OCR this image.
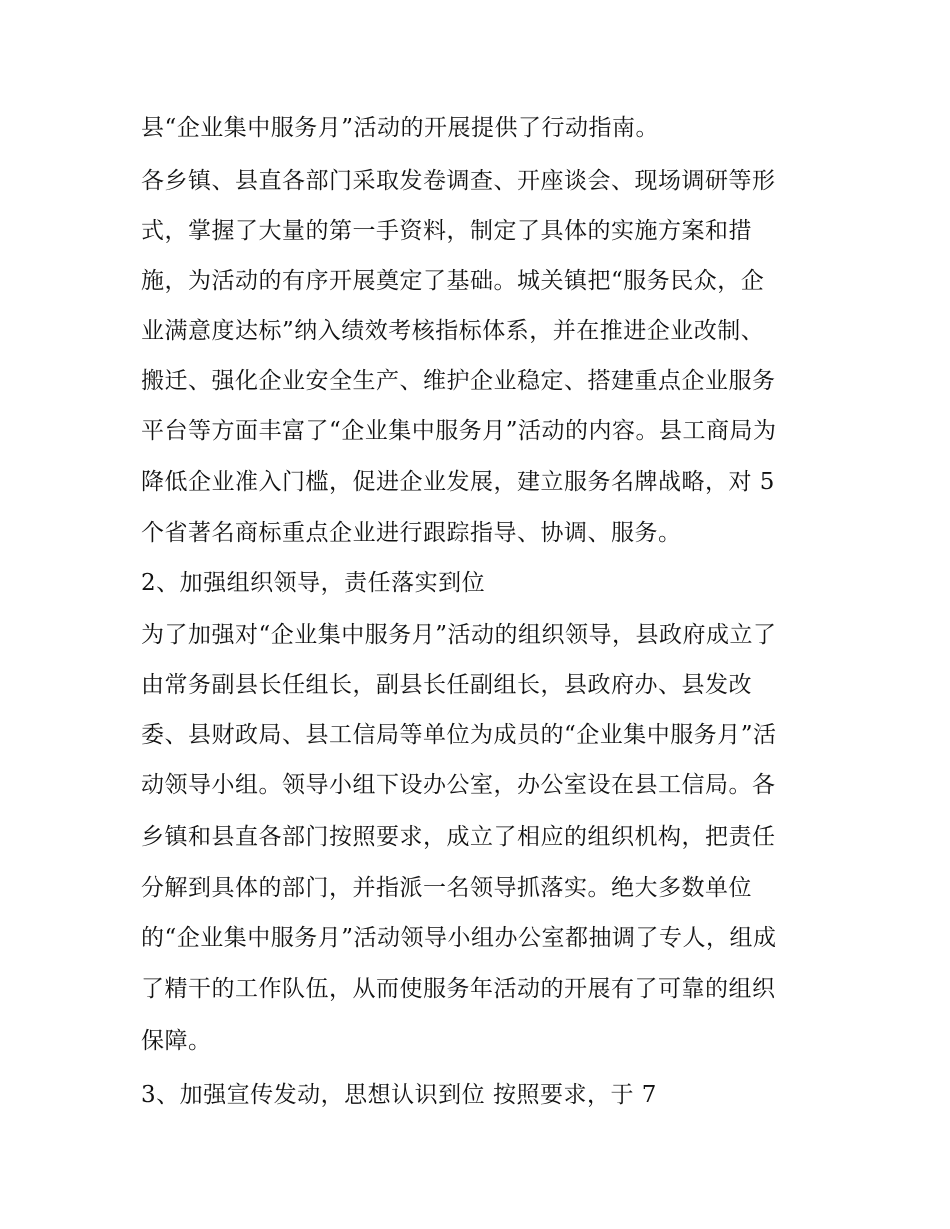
县“企业集中服务月”活动的开展提供了行动指南。
各乡镇、县直各部门采取发卷调查、开座谈会、现场调研等形
式，掌握了大量的第一手资料，制定了具体的实施方案和措
施，为活动的有序开展奠定了基础。城关镇把“服务民众，企
业满意度达标”纳入绩效考核指标体系，并在推进企业改制、
搬迁、强化企业安全生产、维护企业稳定、搭建重点企业服务
平台等方面丰富了“企业集中服务月”活动的内容。县工商局为
降低企业准入门槛，促进企业发展，建立服务名牌战略，对 5
个省著名商标重点企业进行跟踪指导、协调、服务。
2、加强组织领导，责任落实到位
为了加强对“企业集中服务月”活动的组织领导，县政府成立了
由常务副县长任组长，副县长任副组长，县政府办、县发改
委、县财政局、县工信局等单位为成员的“企业集中服务月”活
动领导小组。领导小组下设办公室，办公室设在县工信局。各
乡镇和县直各部门按照要求，成立了相应的组织机构，把责任
分解到具体的部门，并指派一名领导抓落实。绝大多数单位
的“企业集中服务月”活动领导小组办公室都抽调了专人，组成
了精干的工作队伍，从而使服务年活动的开展有了可靠的组织
保障。
3、加强宣传发动，思想认识到位 按照要求，于 7
